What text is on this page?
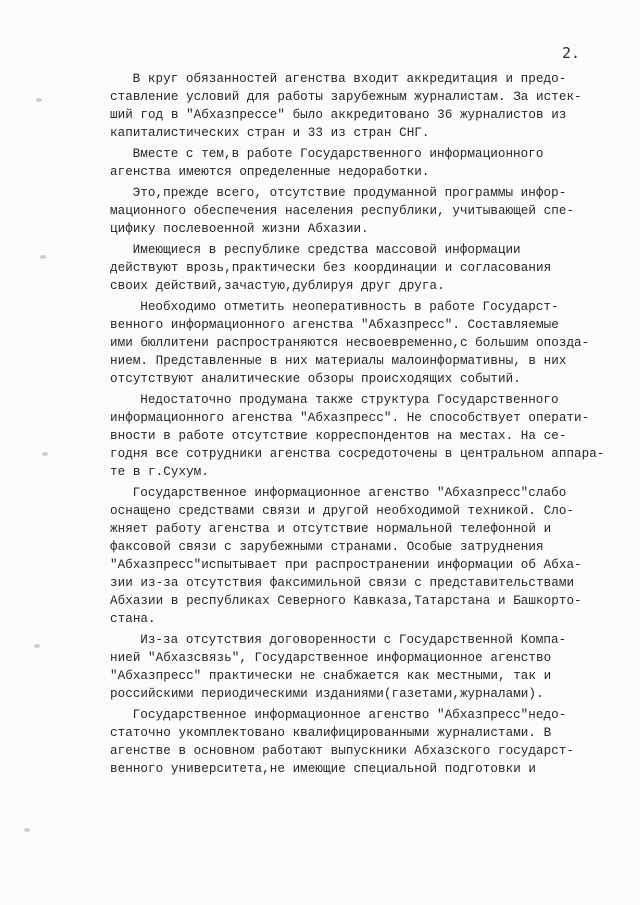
2.
В круг обязанностей агенства входит аккредитация и предо-
ставление условий для работы зарубежным журналистам. За истек-
ший год в "Абхазпрессе" было аккредитовано 36 журналистов из
капиталистических стран и 33 из стран СНГ.
Вместе с тем,в работе Государственного информационного
агенства имеются определенные недоработки.
Это,прежде всего, отсутствие продуманной программы инфор-
мационного обеспечения населения республики, учитывающей спе-
цифику послевоенной жизни Абхазии.
Имеющиеся в республике средства массовой информации
действуют врозь,практически без координации и согласования
своих действий,зачастую,дублируя друг друга.
Необходимо отметить неоперативность в работе Государст-
венного информационного агенства "Абхазпресс". Составляемые
ими бюллитени распространяются несвоевременно,с большим опозда-
нием. Представленные в них материалы малоинформативны, в них
отсутствуют аналитические обзоры происходящих событий.
Недостаточно продумана также структура Государственного
информационного агенства "Абхазпресс". Не способствует операти-
вности в работе отсутствие корреспондентов на местах. На се-
годня все сотрудники агенства сосредоточены в центральном аппара-
те в г.Сухум.
Государственное информационное агенство "Абхазпресс"слабо
оснащено средствами связи и другой необходимой техникой. Сло-
жняет работу агенства и отсутствие нормальной телефонной и
факсовой связи с зарубежными странами. Особые затруднения
"Абхазпресс"испытывает при распространении информации об Абха-
зии из-за отсутствия факсимильной связи с представительствами
Абхазии в республиках Северного Кавказа,Татарстана и Башкорто-
стана.
Из-за отсутствия договоренности с Государственной Компа-
нией "Абхазсвязь", Государственное информационное агенство
"Абхазпресс" практически не снабжается как местными, так и
российскими периодическими изданиями(газетами,журналами).
Государственное информационное агенство "Абхазпресс"недо-
статочно укомплектовано квалифицированными журналистами. В
агенстве в основном работают выпускники Абхазского государст-
венного университета,не имеющие специальной подготовки и
